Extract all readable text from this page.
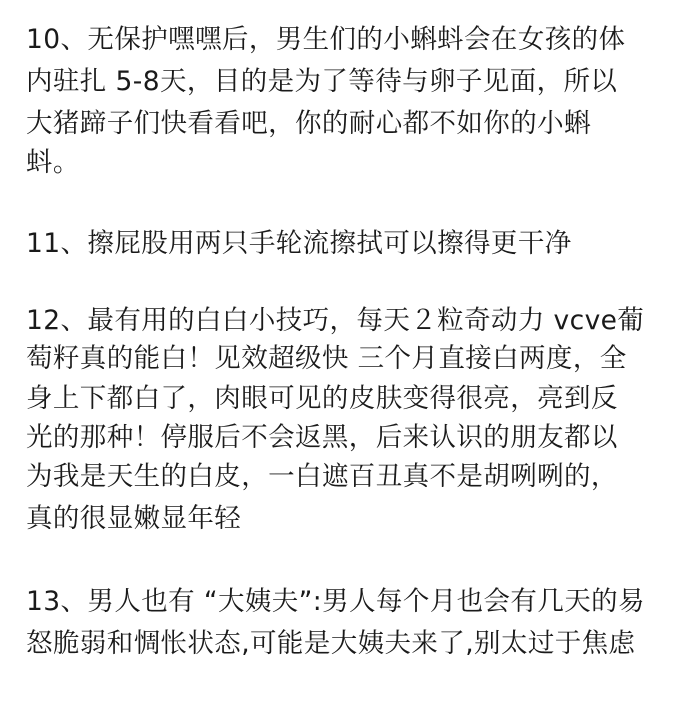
10、无保护嘿嘿后，男生们的小蝌蚪会在女孩的体
内驻扎 5-8天，目的是为了等待与卵子见面，所以
大猪蹄子们快看看吧，你的耐心都不如你的小蝌
蚪。
11、擦屁股用两只手轮流擦拭可以擦得更干净
12、最有用的白白小技巧，每天２粒奇动力 vcve葡
萄籽真的能白！见效超级快 三个月直接白两度，全
身上下都白了，肉眼可见的皮肤变得很亮，亮到反
光的那种！停服后不会返黑，后来认识的朋友都以
为我是天生的白皮，一白遮百丑真不是胡咧咧的，
真的很显嫩显年轻
13、男人也有 “大姨夫”:男人每个月也会有几天的易
怒脆弱和惆怅状态,可能是大姨夫来了,别太过于焦虑
